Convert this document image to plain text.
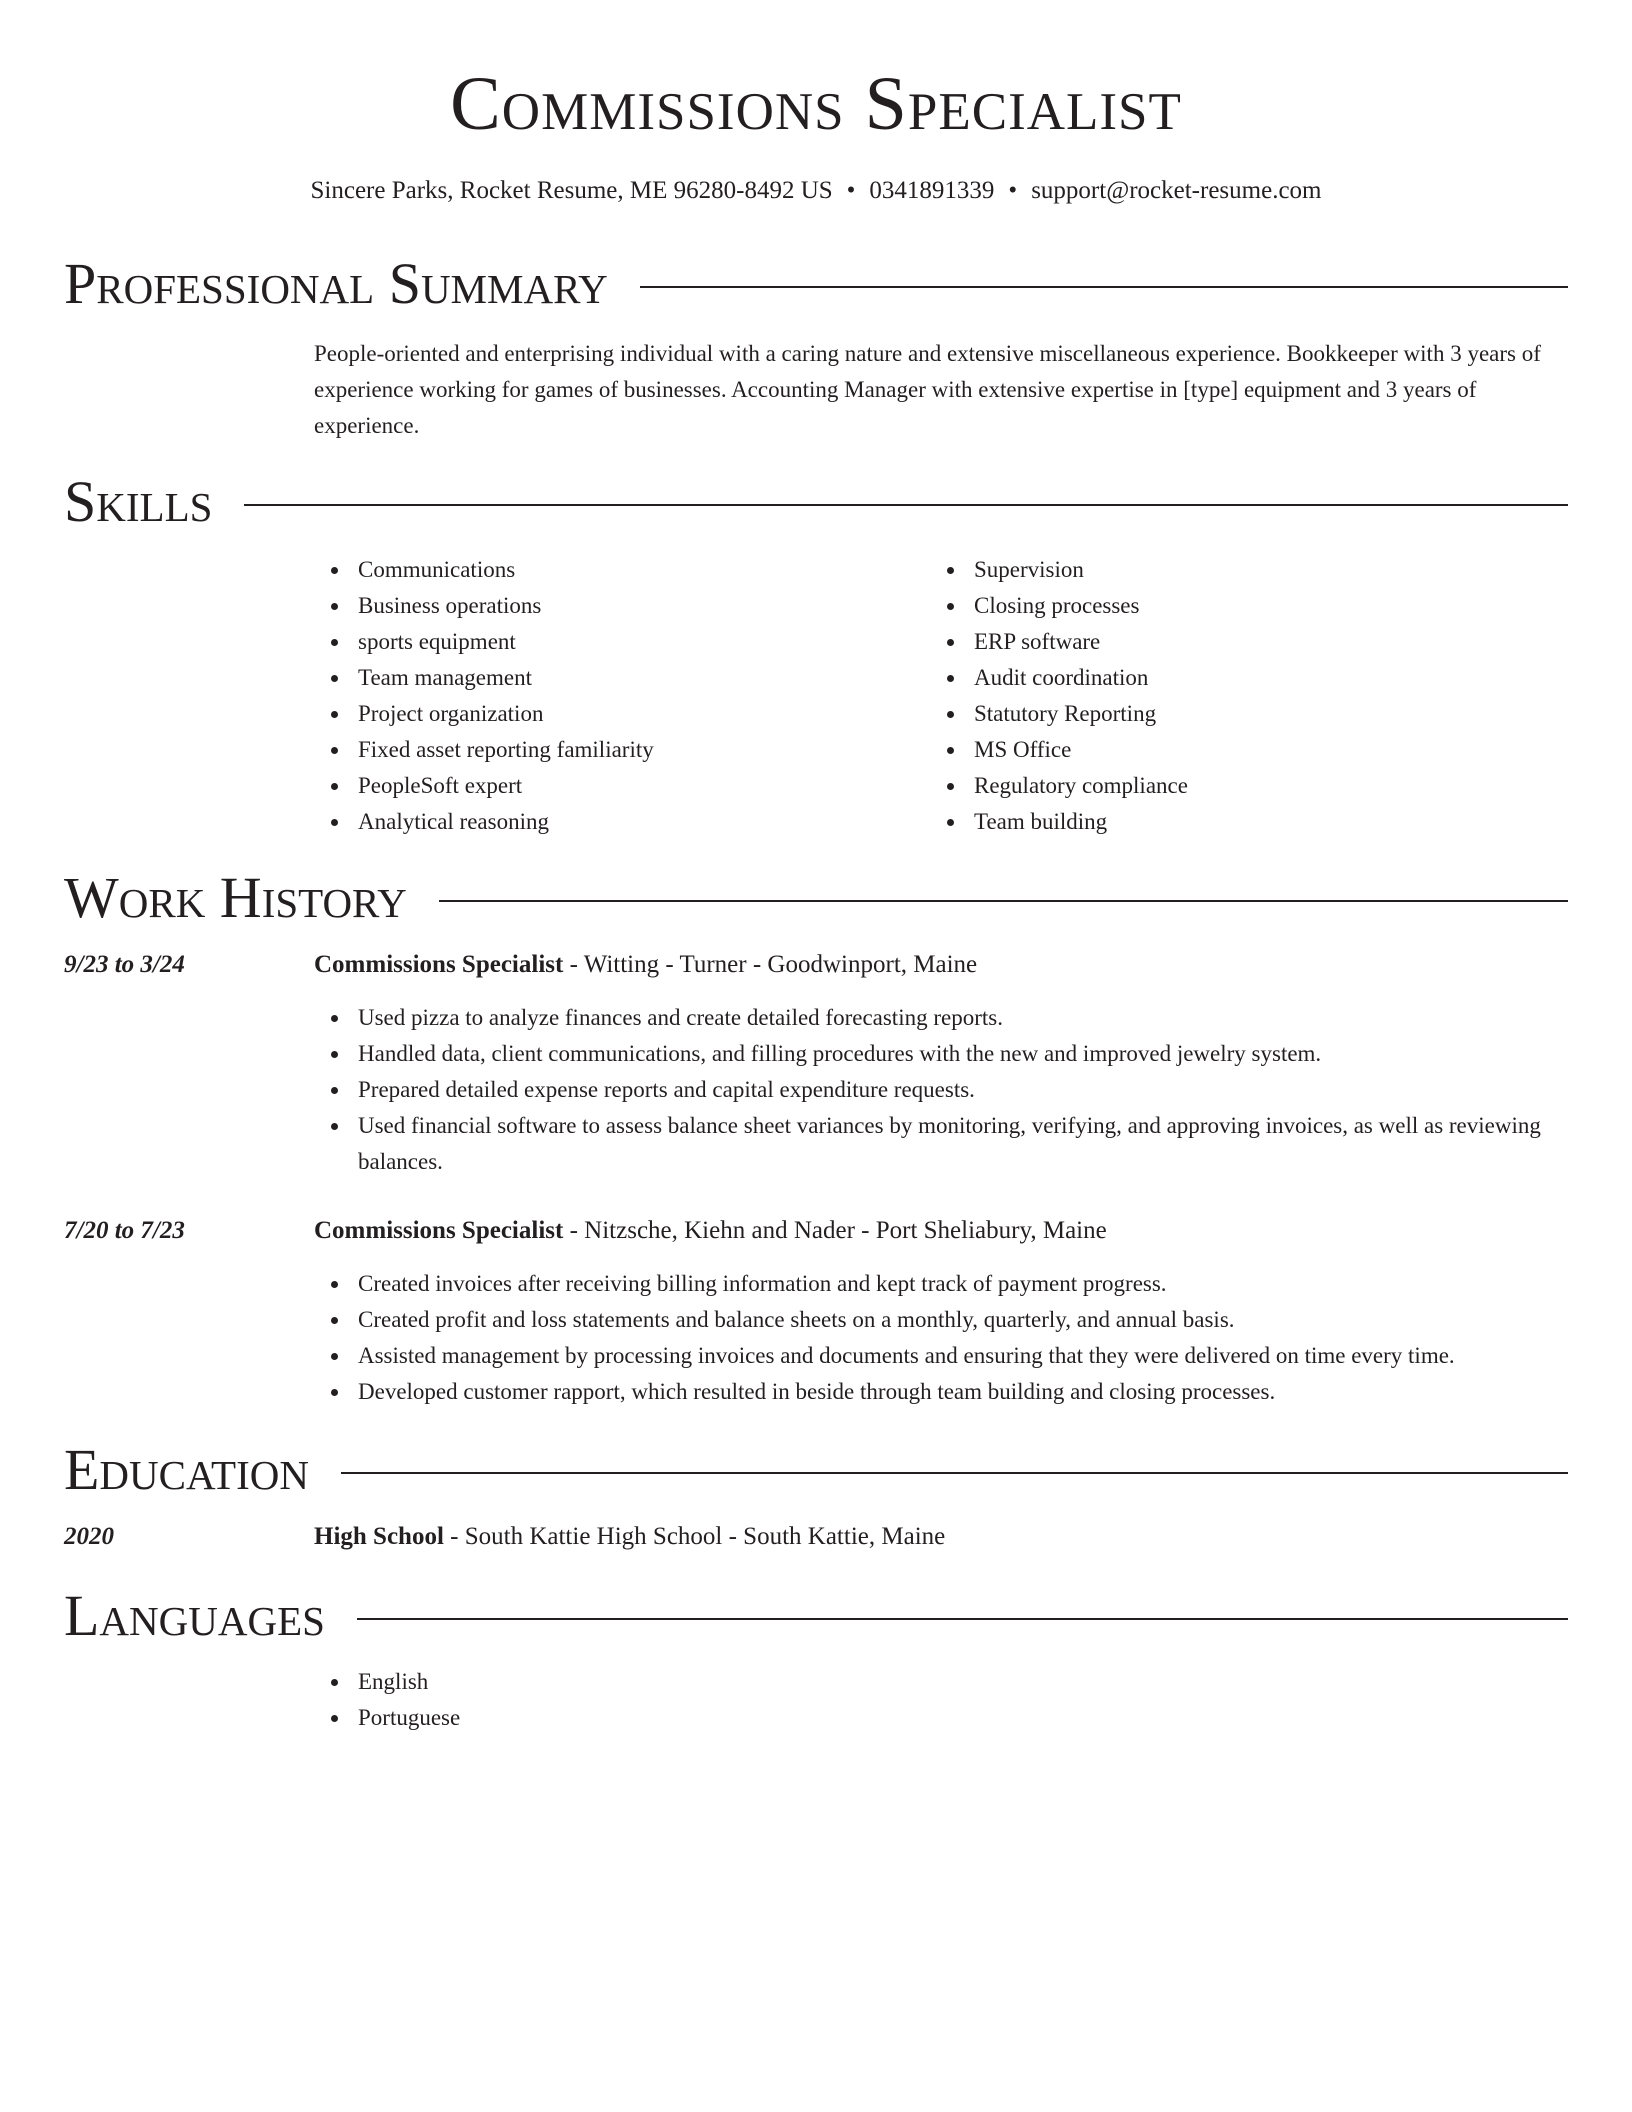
Commissions Specialist
Sincere Parks, Rocket Resume, ME 96280-8492 US • 0341891339 • support@rocket-resume.com
Professional Summary
People-oriented and enterprising individual with a caring nature and extensive miscellaneous experience. Bookkeeper with 3 years of experience working for games of businesses. Accounting Manager with extensive expertise in [type] equipment and 3 years of experience.
Skills
Communications
Business operations
sports equipment
Team management
Project organization
Fixed asset reporting familiarity
PeopleSoft expert
Analytical reasoning
Supervision
Closing processes
ERP software
Audit coordination
Statutory Reporting
MS Office
Regulatory compliance
Team building
Work History
9/23 to 3/24	Commissions Specialist - Witting - Turner - Goodwinport, Maine
Used pizza to analyze finances and create detailed forecasting reports.
Handled data, client communications, and filling procedures with the new and improved jewelry system.
Prepared detailed expense reports and capital expenditure requests.
Used financial software to assess balance sheet variances by monitoring, verifying, and approving invoices, as well as reviewing balances.
7/20 to 7/23	Commissions Specialist - Nitzsche, Kiehn and Nader - Port Sheliabury, Maine
Created invoices after receiving billing information and kept track of payment progress.
Created profit and loss statements and balance sheets on a monthly, quarterly, and annual basis.
Assisted management by processing invoices and documents and ensuring that they were delivered on time every time.
Developed customer rapport, which resulted in beside through team building and closing processes.
Education
2020	High School - South Kattie High School - South Kattie, Maine
Languages
English
Portuguese
